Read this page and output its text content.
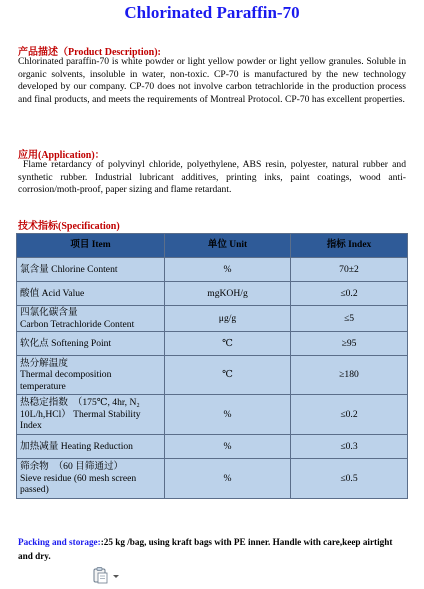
Chlorinated Paraffin-70
产品描述（Product Description):
Chlorinated paraffin-70 is white powder or light yellow powder or light yellow granules. Soluble in organic solvents, insoluble in water, non-toxic. CP-70 is manufactured by the new technology developed by our company. CP-70 does not involve carbon tetrachloride in the production process and final products, and meets the requirements of Montreal Protocol. CP-70 has excellent properties.
应用(Application)：
Flame retardancy of polyvinyl chloride, polyethylene, ABS resin, polyester, natural rubber and synthetic rubber. Industrial lubricant additives, printing inks, paint coatings, wood anti-corrosion/moth-proof, paper sizing and flame retardant.
技术指标(Specification)
项目 Item	单位 Unit	指标 Index

氯含量 Chlorine Content	%	70±2

酸值 Acid Value	mgKOH/g	≤0.2

四氯化碳含量
Carbon Tetrachloride Content	μg/g	≤5

软化点 Softening Point	℃	≥95

热分解温度
Thermal decomposition
temperature	℃	≥180

热稳定指数　（175℃, 4hr, N₂
10L/h,HCl） Thermal Stability
Index	%	≤0.2

加热减量 Heating Reduction	%	≤0.3

筛余物　（60 目筛通过）
Sieve residue (60 mesh screen
passed)	%	≤0.5
Packing and storage::25 kg /bag, using kraft bags with PE inner. Handle with care,keep airtight and dry.
